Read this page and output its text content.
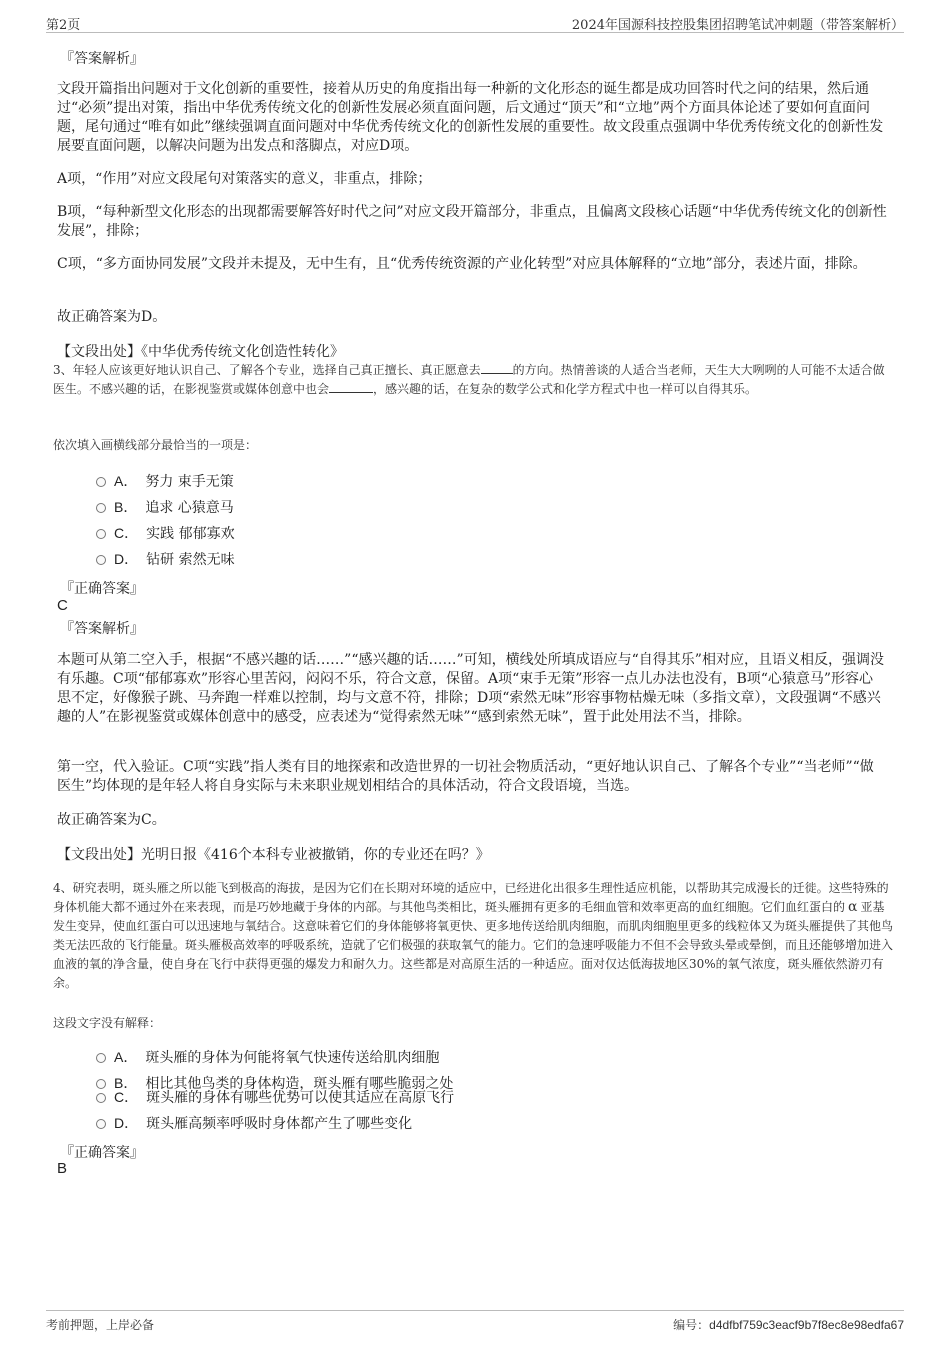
第2页	2024年国源科技控股集团招聘笔试冲刺题（带答案解析）
『答案解析』
文段开篇指出问题对于文化创新的重要性，接着从历史的角度指出每一种新的文化形态的诞生都是成功回答时代之问的结果，然后通过“必须”提出对策，指出中华优秀传统文化的创新性发展必须直面问题，后文通过“顶天”和“立地”两个方面具体论述了要如何直面问题，尾句通过“唯有如此”继续强调直面问题对中华优秀传统文化的创新性发展的重要性。故文段重点强调中华优秀传统文化的创新性发展要直面问题，以解决问题为出发点和落脚点，对应D项。
A项，“作用”对应文段尾句对策落实的意义，非重点，排除；
B项，“每种新型文化形态的出现都需要解答好时代之问”对应文段开篇部分，非重点，且偏离文段核心话题“中华优秀传统文化的创新性发展”，排除；
C项，“多方面协同发展”文段并未提及，无中生有，且“优秀传统资源的产业化转型”对应具体解释的“立地”部分，表述片面，排除。
故正确答案为D。
【文段出处】《中华优秀传统文化创造性转化》
3、年轻人应该更好地认识自己、了解各个专业，选择自己真正擅长、真正愿意去	的方向。热情善谈的人适合当老师，天生大大咧咧的人可能不太适合做医生。不感兴趣的话，在影视鉴赏或媒体创意中也会	，感兴趣的话，在复杂的数学公式和化学方程式中也一样可以自得其乐。
依次填入画横线部分最恰当的一项是：
A． 努力 束手无策
B． 追求 心猿意马
C． 实践 郁郁寡欢
D． 钻研 索然无味
『正确答案』
C
『答案解析』
本题可从第二空入手，根据“不感兴趣的话……”“感兴趣的话……”可知，横线处所填成语应与“自得其乐”相对应，且语义相反，强调没有乐趣。C项“郁郁寡欢”形容心里苦闷，闷闷不乐，符合文意，保留。A项“束手无策”形容一点儿办法也没有，B项“心猿意马”形容心思不定，好像猴子跳、马奔跑一样难以控制，均与文意不符，排除；D项“索然无味”形容事物枯燥无味（多指文章），文段强调“不感兴趣的人”在影视鉴赏或媒体创意中的感受，应表述为“觉得索然无味”“感到索然无味”，置于此处用法不当，排除。
第一空，代入验证。C项“实践”指人类有目的地探索和改造世界的一切社会物质活动，“更好地认识自己、了解各个专业”“当老师”“做医生”均体现的是年轻人将自身实际与未来职业规划相结合的具体活动，符合文段语境，当选。
故正确答案为C。
【文段出处】光明日报《416个本科专业被撤销，你的专业还在吗？》
4、研究表明，斑头雁之所以能飞到极高的海拔，是因为它们在长期对环境的适应中，已经进化出很多生理性适应机能，以帮助其完成漫长的迁徙。这些特殊的身体机能大都不通过外在来表现，而是巧妙地藏于身体的内部。与其他鸟类相比，斑头雁拥有更多的毛细血管和效率更高的血红细胞。它们血红蛋白的 α 亚基发生变异，使血红蛋白可以迅速地与氧结合。这意味着它们的身体能够将氧更快、更多地传送给肌肉细胞，而肌肉细胞里更多的线粒体又为斑头雁提供了其他鸟类无法匹敌的飞行能量。斑头雁极高效率的呼吸系统，造就了它们极强的获取氧气的能力。它们的急速呼吸能力不但不会导致头晕或晕倒，而且还能够增加进入血液的氧的净含量，使自身在飞行中获得更强的爆发力和耐久力。这些都是对高原生活的一种适应。面对仅达低海拔地区30%的氧气浓度，斑头雁依然游刃有余。
这段文字没有解释：
A． 斑头雁的身体为何能将氧气快速传送给肌肉细胞
B． 相比其他鸟类的身体构造，斑头雁有哪些脆弱之处
C． 斑头雁的身体有哪些优势可以使其适应在高原飞行
D． 斑头雁高频率呼吸时身体都产生了哪些变化
『正确答案』
B
考前押题，上岸必备	编号：d4dfbf759c3eacf9b7f8ec8e98edfa67
